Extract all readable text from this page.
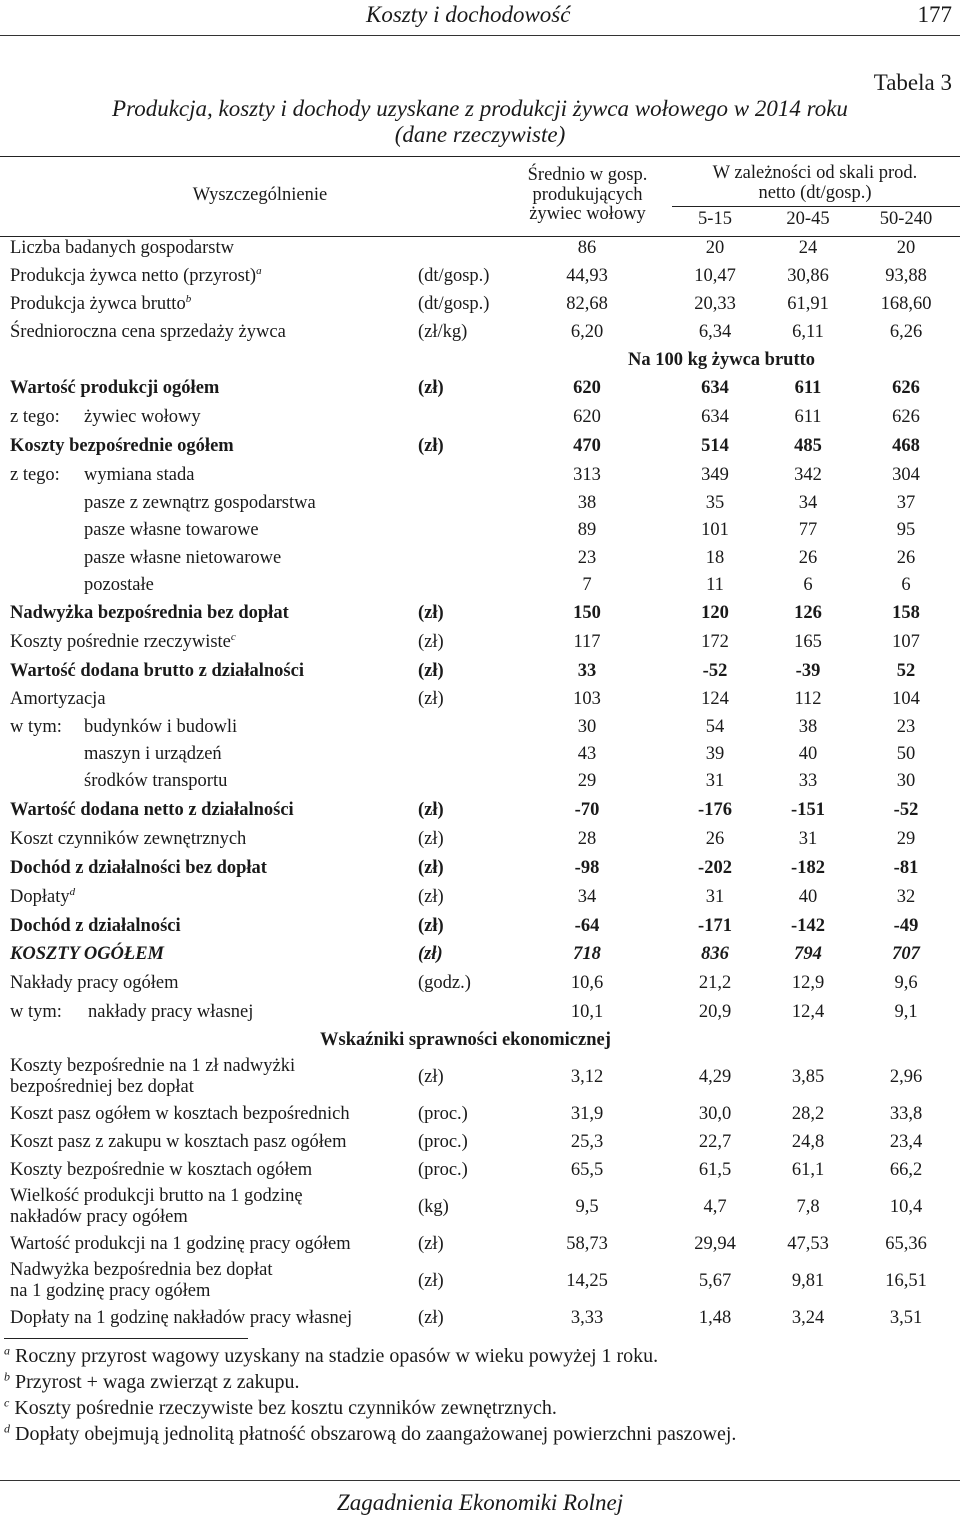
Koszty i dochodowość	177
Tabela 3
Produkcja, koszty i dochody uzyskane z produkcji żywca wołowego w 2014 roku
(dane rzeczywiste)
Wyszczególnienie
Średnio w gosp.
produkujących
żywiec wołowy
W zależności od skali prod.
netto (dt/gosp.)
5-15	20-45	50-240
Liczba badanych gospodarstw	86	20	24	20
Produkcja żywca netto (przyrost)$^a$	(dt/gosp.)	44,93	10,47	30,86	93,88
Produkcja żywca brutto$^b$	(dt/gosp.)	82,68	20,33	61,91	168,60
Średnioroczna cena sprzedaży żywca	(zł/kg)	6,20	6,34	6,11	6,26
Na 100 kg żywca brutto
Wartość produkcji ogółem	(zł)	620	634	611	626
z tego: żywiec wołowy	620	634	611	626
Koszty bezpośrednie ogółem	(zł)	470	514	485	468
z tego: wymiana stada	313	349	342	304
pasze z zewnątrz gospodarstwa	38	35	34	37
pasze własne towarowe	89	101	77	95
pasze własne nietowarowe	23	18	26	26
pozostałe	7	11	6	6
Nadwyżka bezpośrednia bez dopłat	(zł)	150	120	126	158
Koszty pośrednie rzeczywiste$^c$	(zł)	117	172	165	107
Wartość dodana brutto z działalności	(zł)	33	-52	-39	52
Amortyzacja	(zł)	103	124	112	104
w tym: budynków i budowli	30	54	38	23
maszyn i urządzeń	43	39	40	50
środków transportu	29	31	33	30
Wartość dodana netto z działalności	(zł)	-70	-176	-151	-52
Koszt czynników zewnętrznych	(zł)	28	26	31	29
Dochód z działalności bez dopłat	(zł)	-98	-202	-182	-81
Dopłaty$^d$	(zł)	34	31	40	32
Dochód z działalności	(zł)	-64	-171	-142	-49
KOSZTY OGÓŁEM	(zł)	718	836	794	707
Nakłady pracy ogółem	(godz.)	10,6	21,2	12,9	9,6
w tym: nakłady pracy własnej	10,1	20,9	12,4	9,1
Wskaźniki sprawności ekonomicznej
Koszty bezpośrednie na 1 zł nadwyżki
bezpośredniej bez dopłat	(zł)	3,12	4,29	3,85	2,96
Koszt pasz ogółem w kosztach bezpośrednich	(proc.)	31,9	30,0	28,2	33,8
Koszt pasz z zakupu w kosztach pasz ogółem	(proc.)	25,3	22,7	24,8	23,4
Koszty bezpośrednie w kosztach ogółem	(proc.)	65,5	61,5	61,1	66,2
Wielkość produkcji brutto na 1 godzinę
nakładów pracy ogółem	(kg)	9,5	4,7	7,8	10,4
Wartość produkcji na 1 godzinę pracy ogółem	(zł)	58,73	29,94	47,53	65,36
Nadwyżka bezpośrednia bez dopłat
na 1 godzinę pracy ogółem	(zł)	14,25	5,67	9,81	16,51
Dopłaty na 1 godzinę nakładów pracy własnej	(zł)	3,33	1,48	3,24	3,51
$^a$ Roczny przyrost wagowy uzyskany na stadzie opasów w wieku powyżej 1 roku.
$^b$ Przyrost + waga zwierząt z zakupu.
$^c$ Koszty pośrednie rzeczywiste bez kosztu czynników zewnętrznych.
$^d$ Dopłaty obejmują jednolitą płatność obszarową do zaangażowanej powierzchni paszowej.
Zagadnienia Ekonomiki Rolnej
